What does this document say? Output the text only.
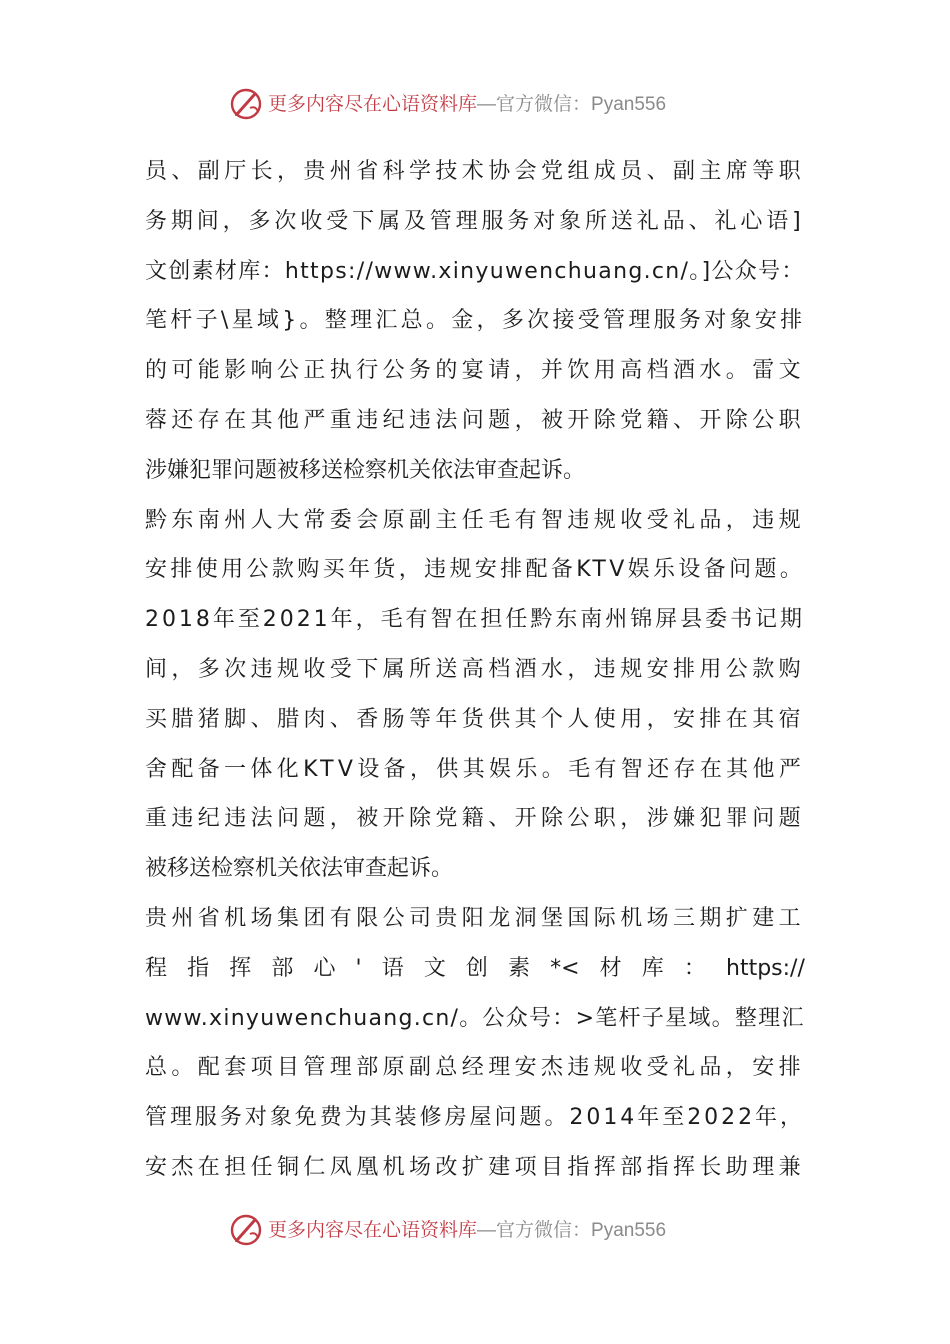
更多内容尽在心语资料库—官方微信：Pyan556
员、副厅长，贵州省科学技术协会党组成员、副主席等职
务期间，多次收受下属及管理服务对象所送礼品、礼心语]
文创素材库：https://www.xinyuwenchuang.cn/。]公众号：
笔杆子\星域}。整理汇总。金，多次接受管理服务对象安排
的可能影响公正执行公务的宴请，并饮用高档酒水。雷文
蓉还存在其他严重违纪违法问题，被开除党籍、开除公职
涉嫌犯罪问题被移送检察机关依法审查起诉。
黔东南州人大常委会原副主任毛有智违规收受礼品，违规
安排使用公款购买年货，违规安排配备KTV娱乐设备问题。
2018年至2021年，毛有智在担任黔东南州锦屏县委书记期
间，多次违规收受下属所送高档酒水，违规安排用公款购
买腊猪脚、腊肉、香肠等年货供其个人使用，安排在其宿
舍配备一体化KTV设备，供其娱乐。毛有智还存在其他严
重违纪违法问题，被开除党籍、开除公职，涉嫌犯罪问题
被移送检察机关依法审查起诉。
贵州省机场集团有限公司贵阳龙洞堡国际机场三期扩建工
程 指 挥 部 心 ' 语 文 创 素 *< 材 库 ： https://
www.xinyuwenchuang.cn/。公众号：>笔杆子星域。整理汇
总。配套项目管理部原副总经理安杰违规收受礼品，安排
管理服务对象免费为其装修房屋问题。2014年至2022年，
安杰在担任铜仁凤凰机场改扩建项目指挥部指挥长助理兼
更多内容尽在心语资料库—官方微信：Pyan556
